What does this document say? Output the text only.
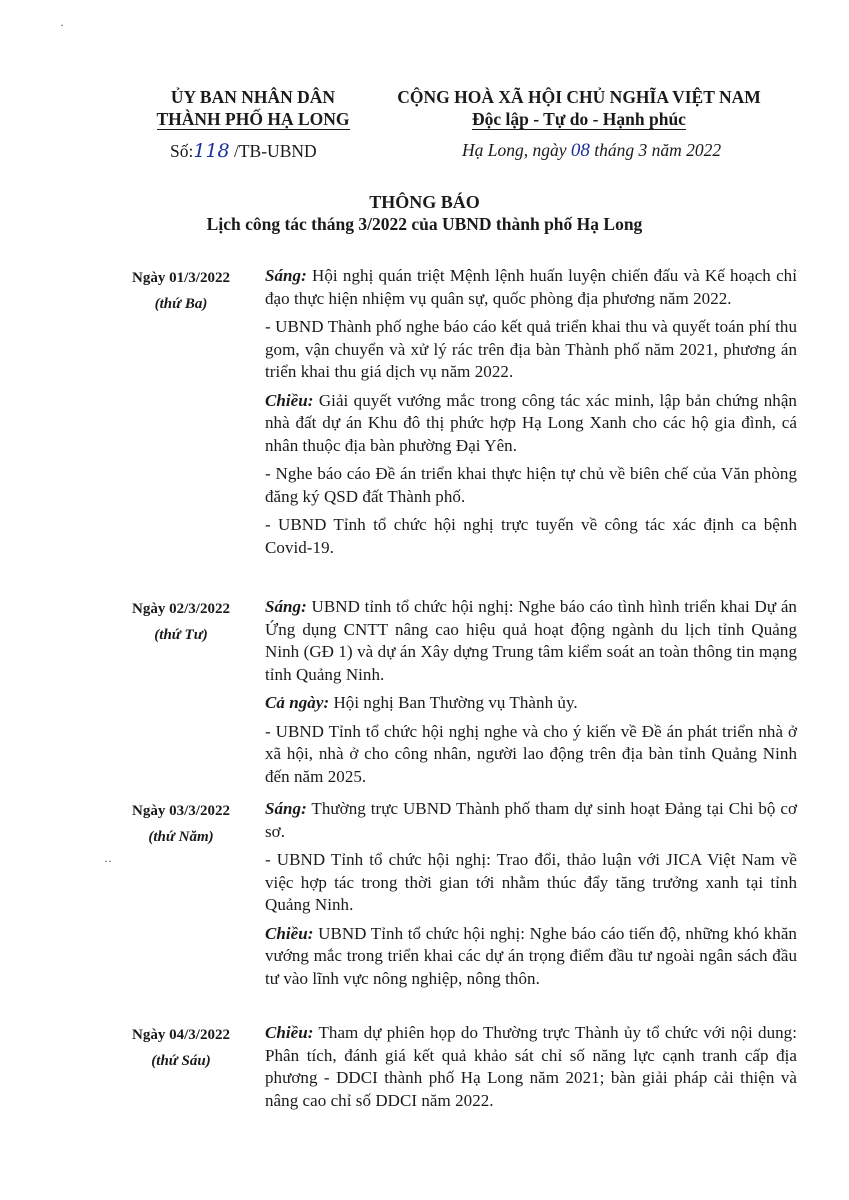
ỦY BAN NHÂN DÂN
THÀNH PHỐ HẠ LONG
CỘNG HOÀ XÃ HỘI CHỦ NGHĨA VIỆT NAM
Độc lập - Tự do - Hạnh phúc
Số:118 /TB-UBND	Hạ Long, ngày 08 tháng 3 năm 2022
THÔNG BÁO
Lịch công tác tháng 3/2022 của UBND thành phố Hạ Long
Ngày 01/3/2022
(thứ Ba)

Sáng: Hội nghị quán triệt Mệnh lệnh huấn luyện chiến đấu và Kế hoạch chỉ đạo thực hiện nhiệm vụ quân sự, quốc phòng địa phương năm 2022.

- UBND Thành phố nghe báo cáo kết quả triển khai thu và quyết toán phí thu gom, vận chuyển và xử lý rác trên địa bàn Thành phố năm 2021, phương án triển khai thu giá dịch vụ năm 2022.

Chiều: Giải quyết vướng mắc trong công tác xác minh, lập bản chứng nhận nhà đất dự án Khu đô thị phức hợp Hạ Long Xanh cho các hộ gia đình, cá nhân thuộc địa bàn phường Đại Yên.

- Nghe báo cáo Đề án triển khai thực hiện tự chủ về biên chế của Văn phòng đăng ký QSD đất Thành phố.

- UBND Tỉnh tổ chức hội nghị trực tuyến về công tác xác định ca bệnh Covid-19.

Ngày 02/3/2022
(thứ Tư)

Sáng: UBND tỉnh tổ chức hội nghị: Nghe báo cáo tình hình triển khai Dự án Ứng dụng CNTT nâng cao hiệu quả hoạt động ngành du lịch tỉnh Quảng Ninh (GĐ 1) và dự án Xây dựng Trung tâm kiểm soát an toàn thông tin mạng tỉnh Quảng Ninh.

Cả ngày: Hội nghị Ban Thường vụ Thành ủy.

- UBND Tỉnh tổ chức hội nghị nghe và cho ý kiến về Đề án phát triển nhà ở xã hội, nhà ở cho công nhân, người lao động trên địa bàn tỉnh Quảng Ninh đến năm 2025.

Ngày 03/3/2022
(thứ Năm)

Sáng: Thường trực UBND Thành phố tham dự sinh hoạt Đảng tại Chi bộ cơ sơ.

- UBND Tỉnh tổ chức hội nghị: Trao đổi, thảo luận với JICA Việt Nam về việc hợp tác trong thời gian tới nhằm thúc đẩy tăng trưởng xanh tại tỉnh Quảng Ninh.

Chiều: UBND Tỉnh tổ chức hội nghị: Nghe báo cáo tiến độ, những khó khăn vướng mắc trong triển khai các dự án trọng điểm đầu tư ngoài ngân sách đầu tư vào lĩnh vực nông nghiệp, nông thôn.

Ngày 04/3/2022
(thứ Sáu)

Chiều: Tham dự phiên họp do Thường trực Thành ủy tổ chức với nội dung: Phân tích, đánh giá kết quả khảo sát chỉ số năng lực cạnh tranh cấp địa phương - DDCI thành phố Hạ Long năm 2021; bàn giải pháp cải thiện và nâng cao chỉ số DDCI năm 2022.

·
··
